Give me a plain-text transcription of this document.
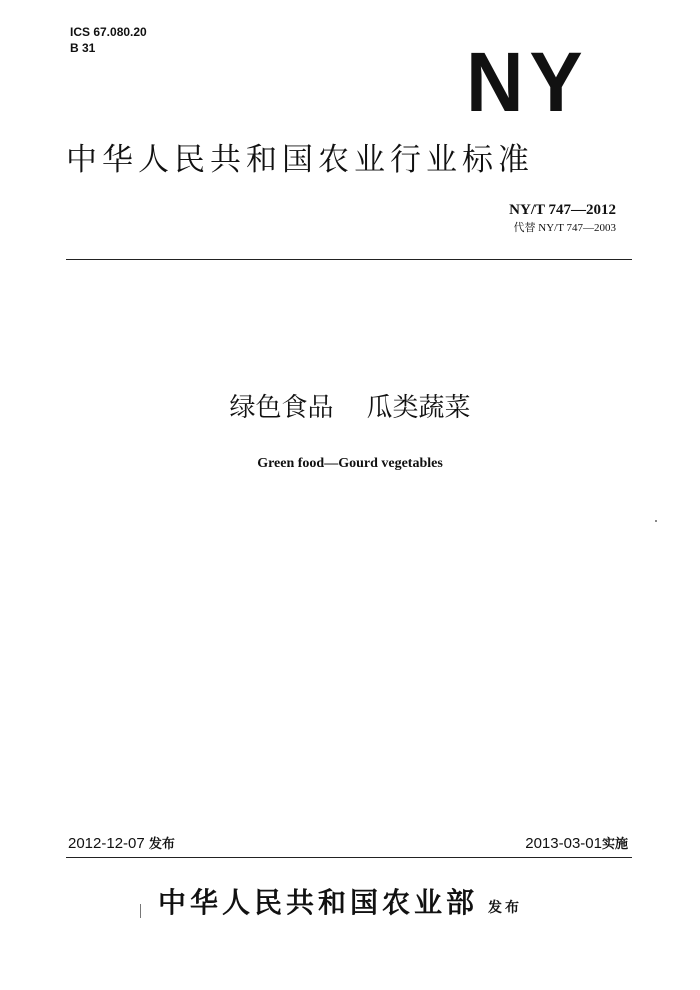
ICS 67.080.20
B 31	NY
中华人民共和国农业行业标准
NY/T 747—2012
代替 NY/T 747—2003
绿色食品    瓜类蔬菜
Green food—Gourd vegetables
2012-12-07 发布	2013-03-01实施
中华人民共和国农业部 发布
